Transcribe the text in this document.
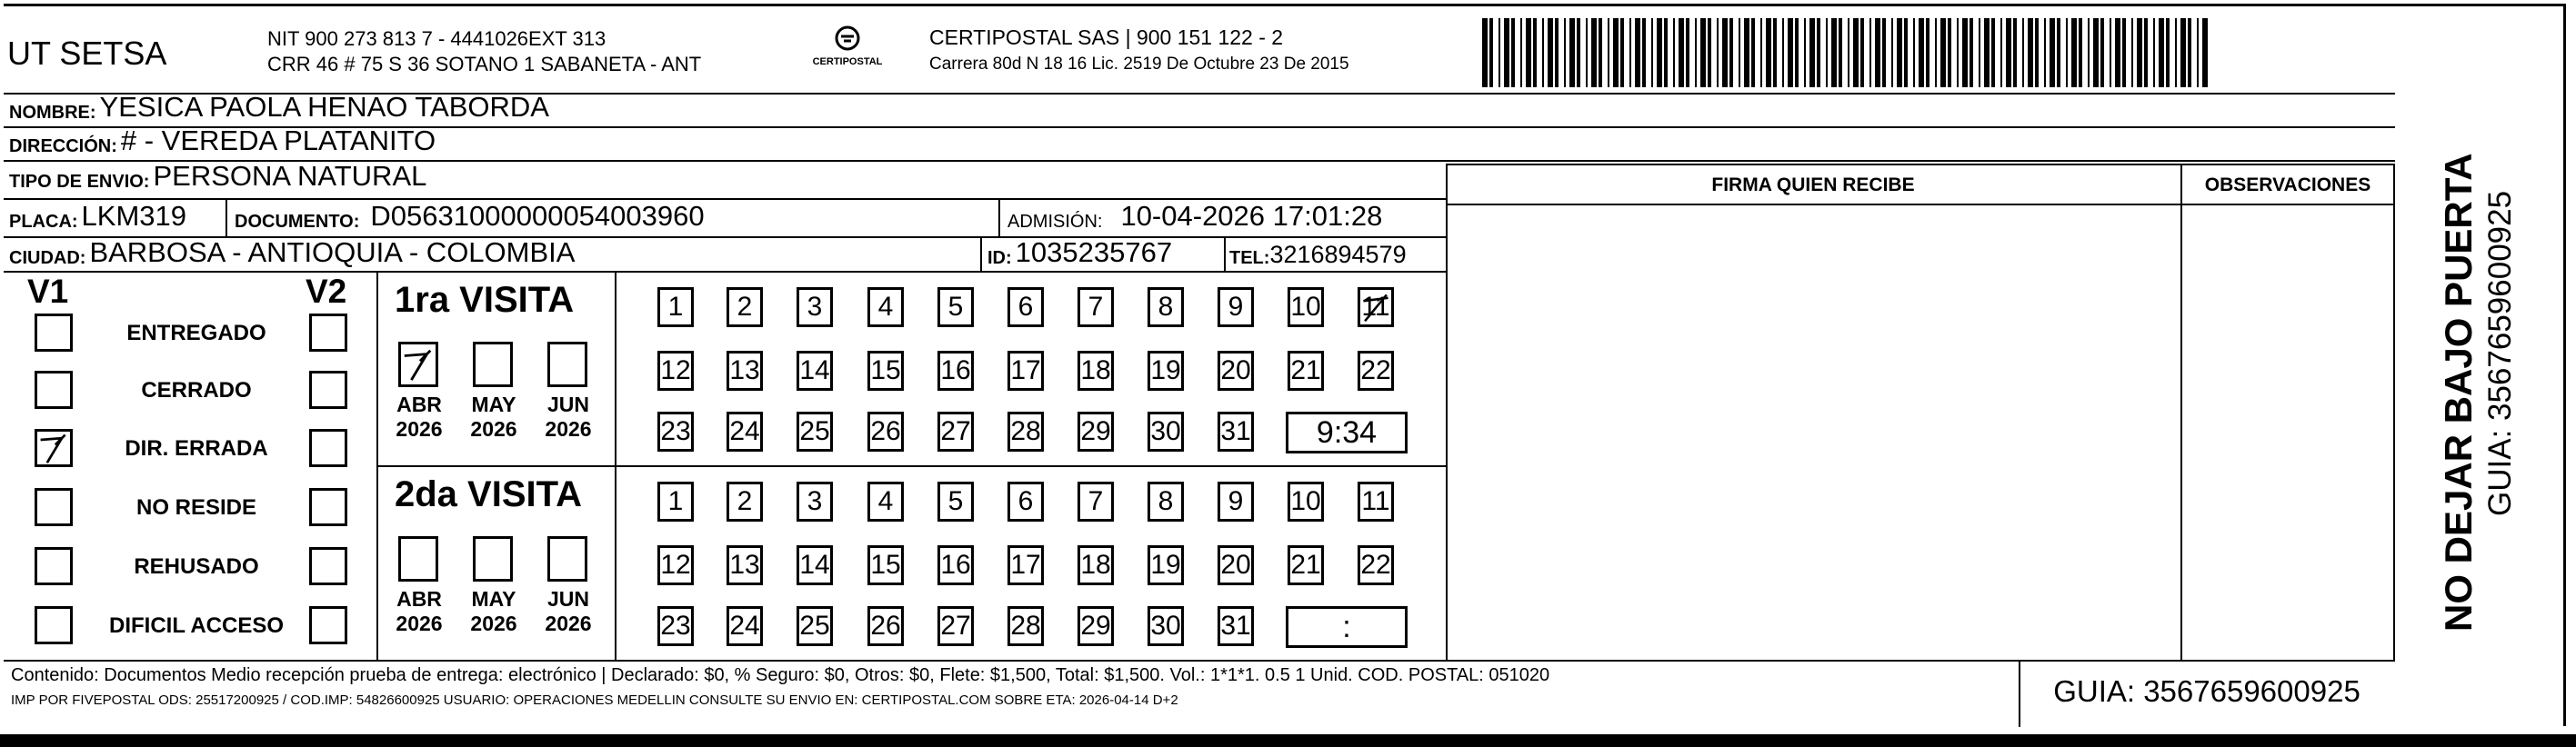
UT SETSA	NIT 900 273 813 7 - 4441026EXT 313
CRR 46 # 75 S 36 SOTANO 1 SABANETA - ANT	CERTIPOSTAL
CERTIPOSTAL SAS | 900 151 122 - 2
Carrera 80d N 18 16 Lic. 2519 De Octubre 23 De 2015
NOMBRE: YESICA PAOLA HENAO TABORDA
DIRECCIÓN: # - VEREDA PLATANITO
TIPO DE ENVIO: PERSONA NATURAL
PLACA: LKM319	DOCUMENTO: D05631000000054003960	ADMISIÓN: 10-04-2026 17:01:28
CIUDAD: BARBOSA - ANTIOQUIA - COLOMBIA	ID: 1035235767	TEL: 3216894579
FIRMA QUIEN RECIBE	OBSERVACIONES
V1	V2
ENTREGADO
CERRADO
DIR. ERRADA
NO RESIDE
REHUSADO
DIFICIL ACCESO
1ra VISITA
ABR
2026
MAY
2026
JUN
2026
1	2	3	4	5	6	7	8	9	10 11
12 13 14 15 16 17 18 19 20 21 22
23 24 25 26 27 28 29 30 31	9:34
2da VISITA
ABR
2026
MAY
2026
JUN
2026
1	2	3	4	5	6	7	8	9	10 11
12 13 14 15 16 17 18 19 20 21 22
23 24 25 26 27 28 29 30 31	:
Contenido: Documentos Medio recepción prueba de entrega: electrónico | Declarado: $0, % Seguro: $0, Otros: $0, Flete: $1,500, Total: $1,500. Vol.: 1*1*1. 0.5 1 Unid. COD. POSTAL: 051020
IMP POR FIVEPOSTAL ODS: 25517200925 / COD.IMP: 54826600925 USUARIO: OPERACIONES MEDELLIN CONSULTE SU ENVIO EN: CERTIPOSTAL.COM SOBRE ETA: 2026-04-14 D+2	GUIA: 3567659600925
NO DEJAR BAJO PUERTA GUIA: 3567659600925
